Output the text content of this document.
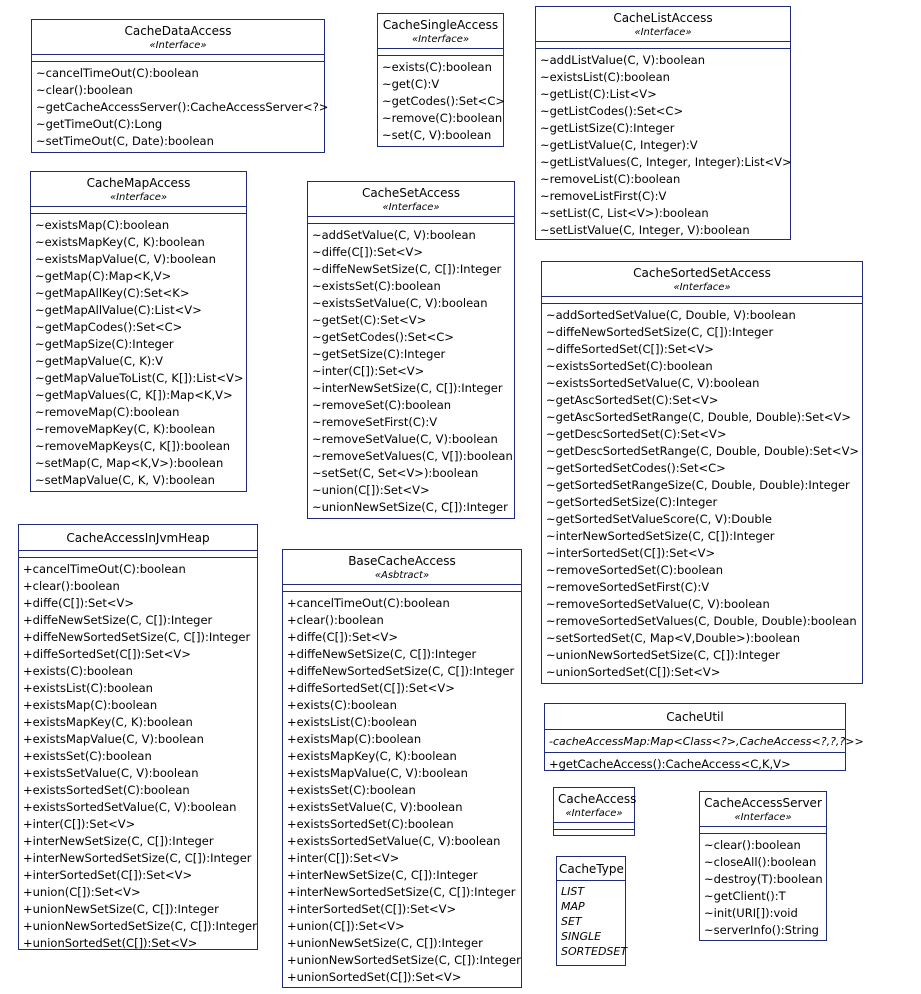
CacheDataAccess
«Interface»
~cancelTimeOut(C):boolean
~clear():boolean
~getCacheAccessServer():CacheAccessServer<?>
~getTimeOut(C):Long
~setTimeOut(C, Date):boolean
CacheSingleAccess
«Interface»
~exists(C):boolean
~get(C):V
~getCodes():Set<C>
~remove(C):boolean
~set(C, V):boolean
CacheListAccess
«Interface»
~addListValue(C, V):boolean
~existsList(C):boolean
~getList(C):List<V>
~getListCodes():Set<C>
~getListSize(C):Integer
~getListValue(C, Integer):V
~getListValues(C, Integer, Integer):List<V>
~removeList(C):boolean
~removeListFirst(C):V
~setList(C, List<V>):boolean
~setListValue(C, Integer, V):boolean
CacheMapAccess
«Interface»
~existsMap(C):boolean
~existsMapKey(C, K):boolean
~existsMapValue(C, V):boolean
~getMap(C):Map<K,V>
~getMapAllKey(C):Set<K>
~getMapAllValue(C):List<V>
~getMapCodes():Set<C>
~getMapSize(C):Integer
~getMapValue(C, K):V
~getMapValueToList(C, K[]):List<V>
~getMapValues(C, K[]):Map<K,V>
~removeMap(C):boolean
~removeMapKey(C, K):boolean
~removeMapKeys(C, K[]):boolean
~setMap(C, Map<K,V>):boolean
~setMapValue(C, K, V):boolean
CacheSetAccess
«Interface»
~addSetValue(C, V):boolean
~diffe(C[]):Set<V>
~diffeNewSetSize(C, C[]):Integer
~existsSet(C):boolean
~existsSetValue(C, V):boolean
~getSet(C):Set<V>
~getSetCodes():Set<C>
~getSetSize(C):Integer
~inter(C[]):Set<V>
~interNewSetSize(C, C[]):Integer
~removeSet(C):boolean
~removeSetFirst(C):V
~removeSetValue(C, V):boolean
~removeSetValues(C, V[]):boolean
~setSet(C, Set<V>):boolean
~union(C[]):Set<V>
~unionNewSetSize(C, C[]):Integer
CacheSortedSetAccess
«Interface»
~addSortedSetValue(C, Double, V):boolean
~diffeNewSortedSetSize(C, C[]):Integer
~diffeSortedSet(C[]):Set<V>
~existsSortedSet(C):boolean
~existsSortedSetValue(C, V):boolean
~getAscSortedSet(C):Set<V>
~getAscSortedSetRange(C, Double, Double):Set<V>
~getDescSortedSet(C):Set<V>
~getDescSortedSetRange(C, Double, Double):Set<V>
~getSortedSetCodes():Set<C>
~getSortedSetRangeSize(C, Double, Double):Integer
~getSortedSetSize(C):Integer
~getSortedSetValueScore(C, V):Double
~interNewSortedSetSize(C, C[]):Integer
~interSortedSet(C[]):Set<V>
~removeSortedSet(C):boolean
~removeSortedSetFirst(C):V
~removeSortedSetValue(C, V):boolean
~removeSortedSetValues(C, Double, Double):boolean
~setSortedSet(C, Map<V,Double>):boolean
~unionNewSortedSetSize(C, C[]):Integer
~unionSortedSet(C[]):Set<V>
CacheAccessInJvmHeap
+cancelTimeOut(C):boolean
+clear():boolean
+diffe(C[]):Set<V>
+diffeNewSetSize(C, C[]):Integer
+diffeNewSortedSetSize(C, C[]):Integer
+diffeSortedSet(C[]):Set<V>
+exists(C):boolean
+existsList(C):boolean
+existsMap(C):boolean
+existsMapKey(C, K):boolean
+existsMapValue(C, V):boolean
+existsSet(C):boolean
+existsSetValue(C, V):boolean
+existsSortedSet(C):boolean
+existsSortedSetValue(C, V):boolean
+inter(C[]):Set<V>
+interNewSetSize(C, C[]):Integer
+interNewSortedSetSize(C, C[]):Integer
+interSortedSet(C[]):Set<V>
+union(C[]):Set<V>
+unionNewSetSize(C, C[]):Integer
+unionNewSortedSetSize(C, C[]):Integer
+unionSortedSet(C[]):Set<V>
BaseCacheAccess
«Asbtract»
+cancelTimeOut(C):boolean
+clear():boolean
+diffe(C[]):Set<V>
+diffeNewSetSize(C, C[]):Integer
+diffeNewSortedSetSize(C, C[]):Integer
+diffeSortedSet(C[]):Set<V>
+exists(C):boolean
+existsList(C):boolean
+existsMap(C):boolean
+existsMapKey(C, K):boolean
+existsMapValue(C, V):boolean
+existsSet(C):boolean
+existsSetValue(C, V):boolean
+existsSortedSet(C):boolean
+existsSortedSetValue(C, V):boolean
+inter(C[]):Set<V>
+interNewSetSize(C, C[]):Integer
+interNewSortedSetSize(C, C[]):Integer
+interSortedSet(C[]):Set<V>
+union(C[]):Set<V>
+unionNewSetSize(C, C[]):Integer
+unionNewSortedSetSize(C, C[]):Integer
+unionSortedSet(C[]):Set<V>
CacheUtil
-cacheAccessMap:Map<Class<?>,CacheAccess<?,?,?>>
+getCacheAccess():CacheAccess<C,K,V>
CacheAccess
«Interface»
CacheAccessServer
«Interface»
~clear():boolean
~closeAll():boolean
~destroy(T):boolean
~getClient():T
~init(URI[]):void
~serverInfo():String
CacheType
LIST
MAP
SET
SINGLE
SORTEDSET
